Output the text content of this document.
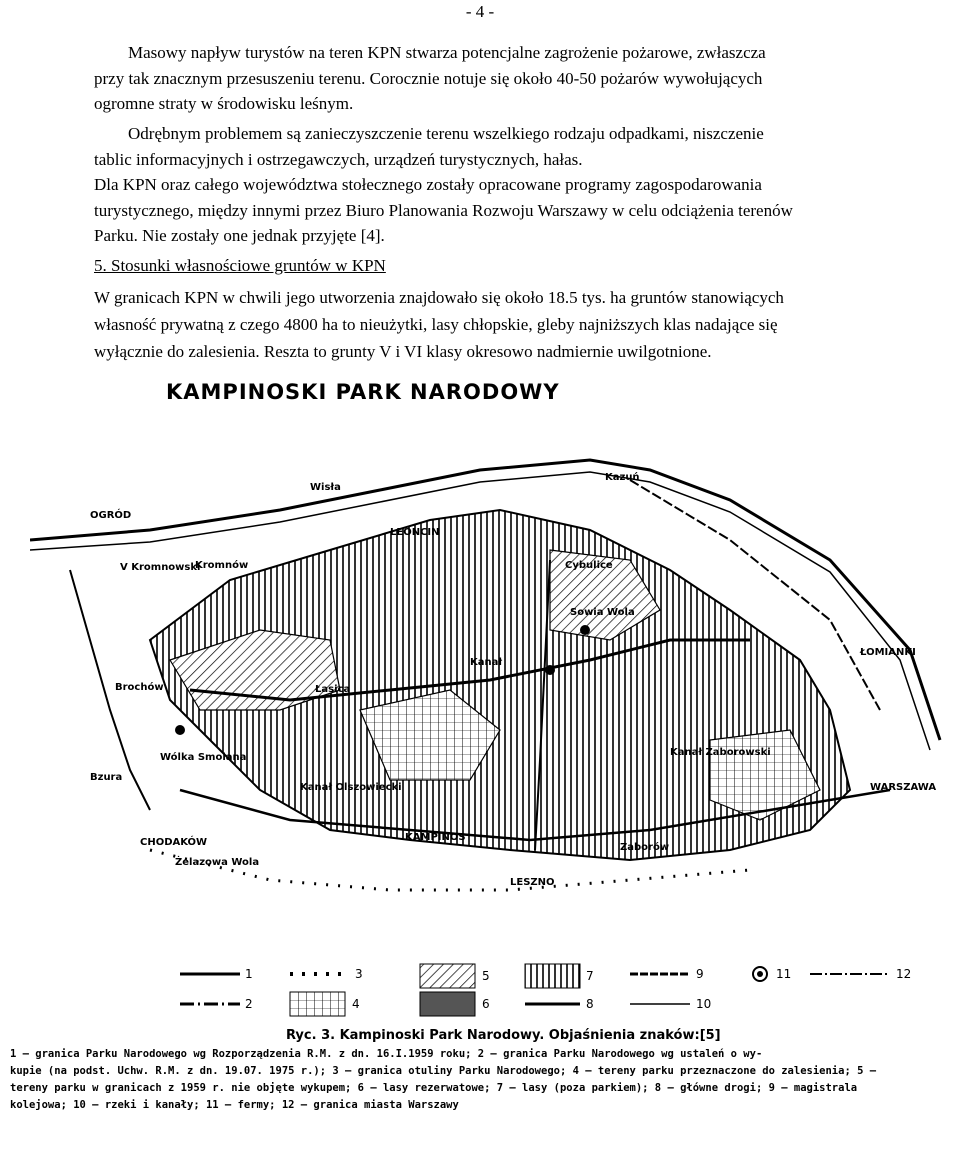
- 4 -
Masowy napływ turystów na teren KPN stwarza potencjalne zagrożenie pożarowe, zwłaszcza
przy tak znacznym przesuszeniu terenu. Corocznie notuje się około 40-50 pożarów wywołujących
ogromne straty w środowisku leśnym.
Odrębnym problemem są zanieczyszczenie terenu wszelkiego rodzaju odpadkami, niszczenie
tablic informacyjnych i ostrzegawczych, urządzeń turystycznych, hałas.
Dla KPN oraz całego województwa stołecznego zostały opracowane programy zagospodarowania
turystycznego, między innymi przez Biuro Planowania Rozwoju Warszawy w celu odciążenia terenów
Parku. Nie zostały one jednak przyjęte [4].
5. Stosunki własnościowe gruntów w KPN
W granicach KPN w chwili jego utworzenia znajdowało się około 18.5 tys. ha gruntów stanowiących
własność prywatną z czego 4800 ha to nieużytki, lasy chłopskie, gleby najniższych klas nadające się
wyłącznie do zalesienia. Reszta to grunty V i VI klasy okresowo nadmiernie uwilgotnione.
KAMPINOSKI PARK NARODOWY
Kazuń
OGRÓD
LEONCIN
Cybulice
V Kromnowski
Kromnów
Sowia Wola
Kanał
ŁOMIANKI
Łasica
Brochów
Wólka Smolana
Bzura
Wisła
Kanał Zaborowski
Kanał Olszowiecki
KAMPINOS
WARSZAWA
CHODAKÓW
Żelazowa Wola
Zaborów
LESZNO
1
2
3
4
5
6
7
8
9
10
11	12
Ryc. 3. Kampinoski Park Narodowy. Objaśnienia znaków:[5]
1 — granica Parku Narodowego wg Rozporządzenia R.M. z dn. 16.I.1959 roku; 2 — granica Parku Narodowego wg ustaleń o wy-
kupie (na podst. Uchw. R.M. z dn. 19.07. 1975 r.); 3 — granica otuliny Parku Narodowego; 4 — tereny parku przeznaczone do zalesienia; 5 —
tereny parku w granicach z 1959 r. nie objęte wykupem; 6 — lasy rezerwatowe; 7 — lasy (poza parkiem); 8 — główne drogi; 9 — magistrala
kolejowa; 10 — rzeki i kanały; 11 — fermy; 12 — granica miasta Warszawy
